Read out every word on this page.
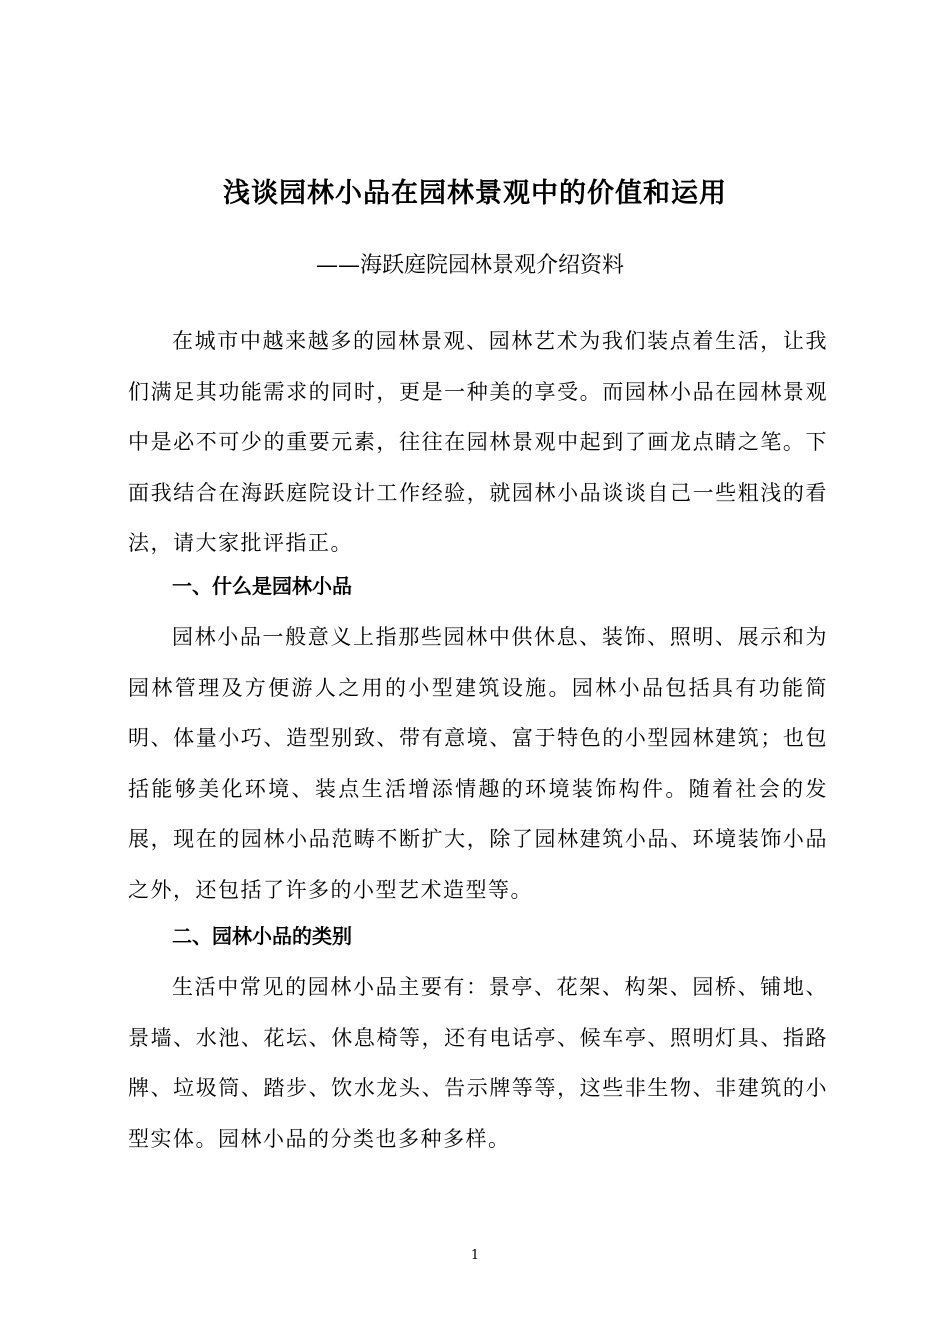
浅谈园林小品在园林景观中的价值和运用
——海跃庭院园林景观介绍资料

在城市中越来越多的园林景观、园林艺术为我们装点着生活，让我们满足其功能需求的同时，更是一种美的享受。而园林小品在园林景观中是必不可少的重要元素，往往在园林景观中起到了画龙点睛之笔。下面我结合在海跃庭院设计工作经验，就园林小品谈谈自己一些粗浅的看法，请大家批评指正。

一、什么是园林小品

园林小品一般意义上指那些园林中供休息、装饰、照明、展示和为园林管理及方便游人之用的小型建筑设施。园林小品包括具有功能简明、体量小巧、造型别致、带有意境、富于特色的小型园林建筑；也包括能够美化环境、装点生活增添情趣的环境装饰构件。随着社会的发展，现在的园林小品范畴不断扩大，除了园林建筑小品、环境装饰小品之外，还包括了许多的小型艺术造型等。

二、园林小品的类别

生活中常见的园林小品主要有：景亭、花架、构架、园桥、铺地、景墙、水池、花坛、休息椅等，还有电话亭、候车亭、照明灯具、指路牌、垃圾筒、踏步、饮水龙头、告示牌等等，这些非生物、非建筑的小型实体。园林小品的分类也多种多样。

1
